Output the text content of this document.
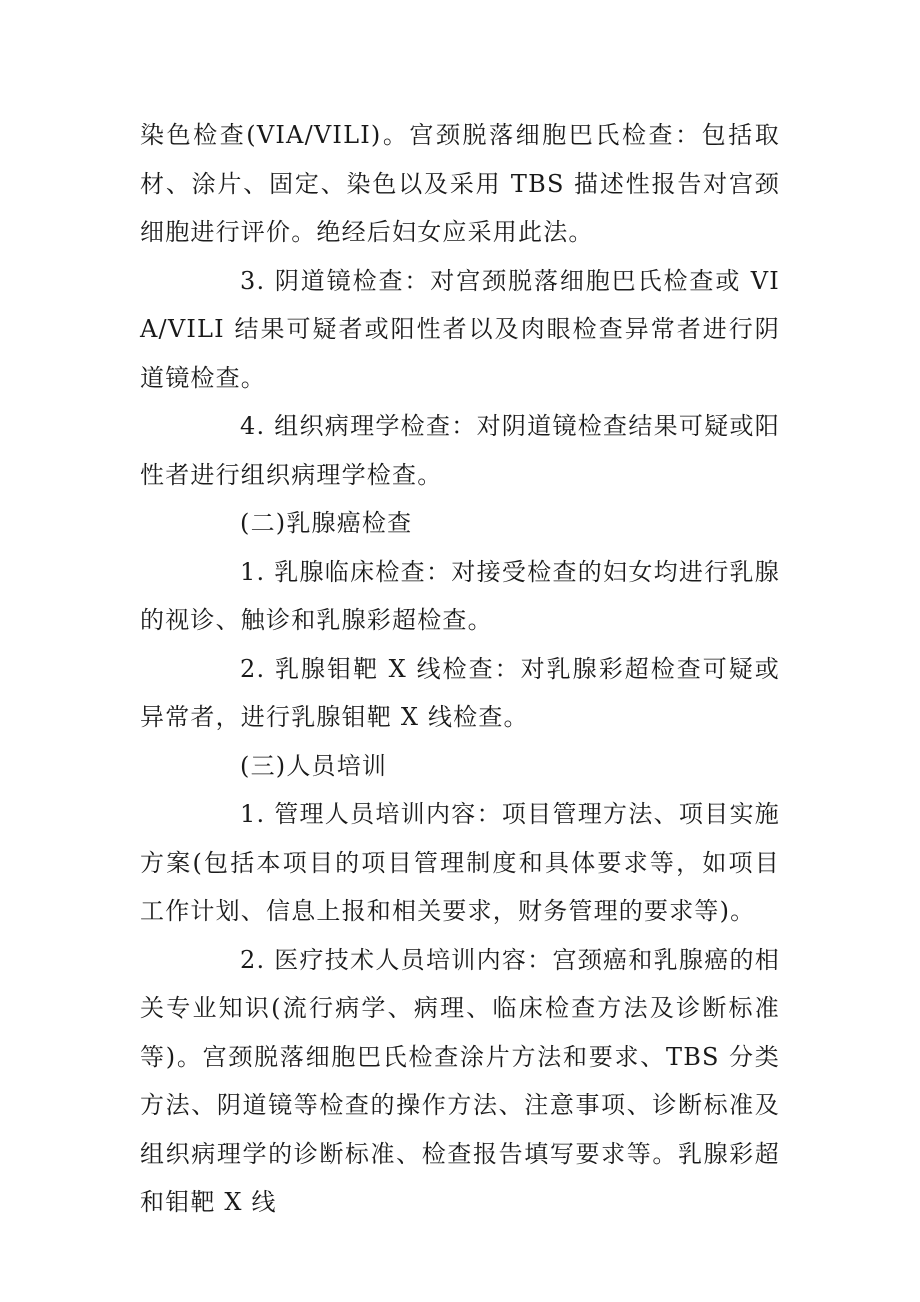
染色检查(VIA/VILI)。宫颈脱落细胞巴氏检查：包括取材、涂片、固定、染色以及采用 TBS 描述性报告对宫颈细胞进行评价。绝经后妇女应采用此法。

3. 阴道镜检查：对宫颈脱落细胞巴氏检查或 VIA/VILI 结果可疑者或阳性者以及肉眼检查异常者进行阴道镜检查。

4. 组织病理学检查：对阴道镜检查结果可疑或阳性者进行组织病理学检查。

(二)乳腺癌检查

1. 乳腺临床检查：对接受检查的妇女均进行乳腺的视诊、触诊和乳腺彩超检查。

2. 乳腺钼靶 X 线检查：对乳腺彩超检查可疑或异常者，进行乳腺钼靶 X 线检查。

(三)人员培训

1. 管理人员培训内容：项目管理方法、项目实施方案(包括本项目的项目管理制度和具体要求等，如项目工作计划、信息上报和相关要求，财务管理的要求等)。

2. 医疗技术人员培训内容：宫颈癌和乳腺癌的相关专业知识(流行病学、病理、临床检查方法及诊断标准等)。宫颈脱落细胞巴氏检查涂片方法和要求、TBS 分类方法、阴道镜等检查的操作方法、注意事项、诊断标准及组织病理学的诊断标准、检查报告填写要求等。乳腺彩超和钼靶 X 线
